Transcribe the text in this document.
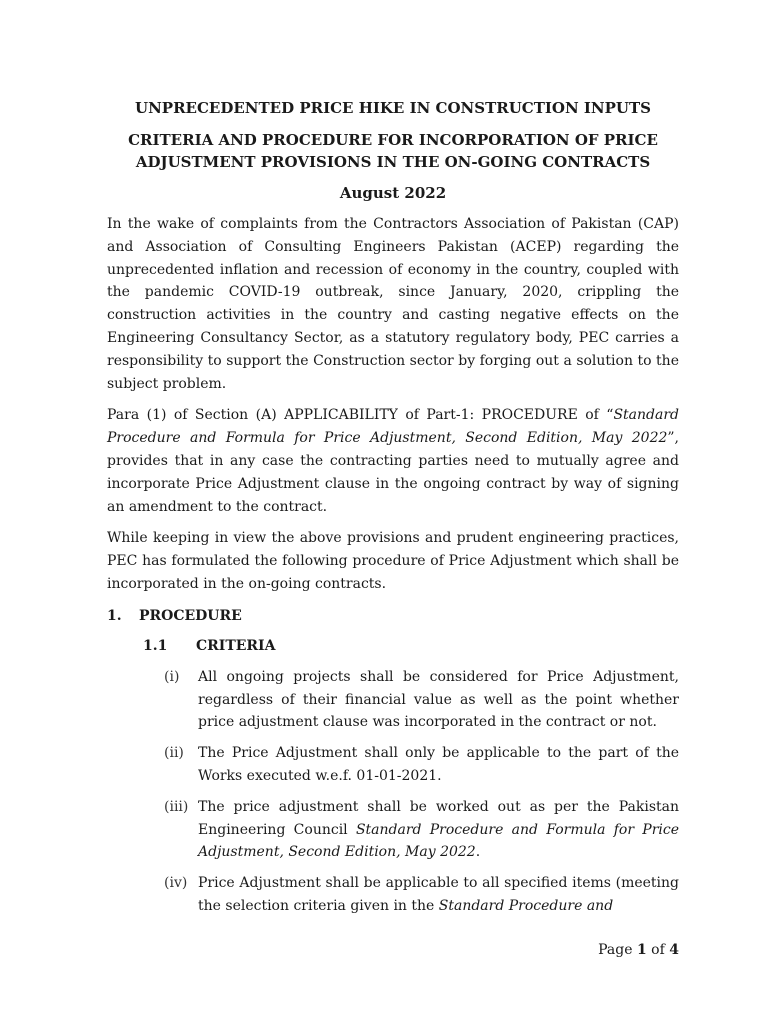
UNPRECEDENTED PRICE HIKE IN CONSTRUCTION INPUTS
CRITERIA AND PROCEDURE FOR INCORPORATION OF PRICE
ADJUSTMENT PROVISIONS IN THE ON-GOING CONTRACTS
August 2022

In the wake of complaints from the Contractors Association of Pakistan (CAP) and Association of Consulting Engineers Pakistan (ACEP) regarding the unprecedented inflation and recession of economy in the country, coupled with the pandemic COVID-19 outbreak, since January, 2020, crippling the construction activities in the country and casting negative effects on the Engineering Consultancy Sector, as a statutory regulatory body, PEC carries a responsibility to support the Construction sector by forging out a solution to the subject problem.

Para (1) of Section (A) APPLICABILITY of Part-1: PROCEDURE of “Standard Procedure and Formula for Price Adjustment, Second Edition, May 2022”, provides that in any case the contracting parties need to mutually agree and incorporate Price Adjustment clause in the ongoing contract by way of signing an amendment to the contract.

While keeping in view the above provisions and prudent engineering practices, PEC has formulated the following procedure of Price Adjustment which shall be incorporated in the on-going contracts.

1.	PROCEDURE
1.1	CRITERIA
(i)	All ongoing projects shall be considered for Price Adjustment, regardless of their financial value as well as the point whether price adjustment clause was incorporated in the contract or not.
(ii)	The Price Adjustment shall only be applicable to the part of the Works executed w.e.f. 01-01-2021.
(iii) The price adjustment shall be worked out as per the Pakistan Engineering Council Standard Procedure and Formula for Price Adjustment, Second Edition, May 2022.
(iv) Price Adjustment shall be applicable to all specified items (meeting the selection criteria given in the Standard Procedure and
Page 1 of 4
